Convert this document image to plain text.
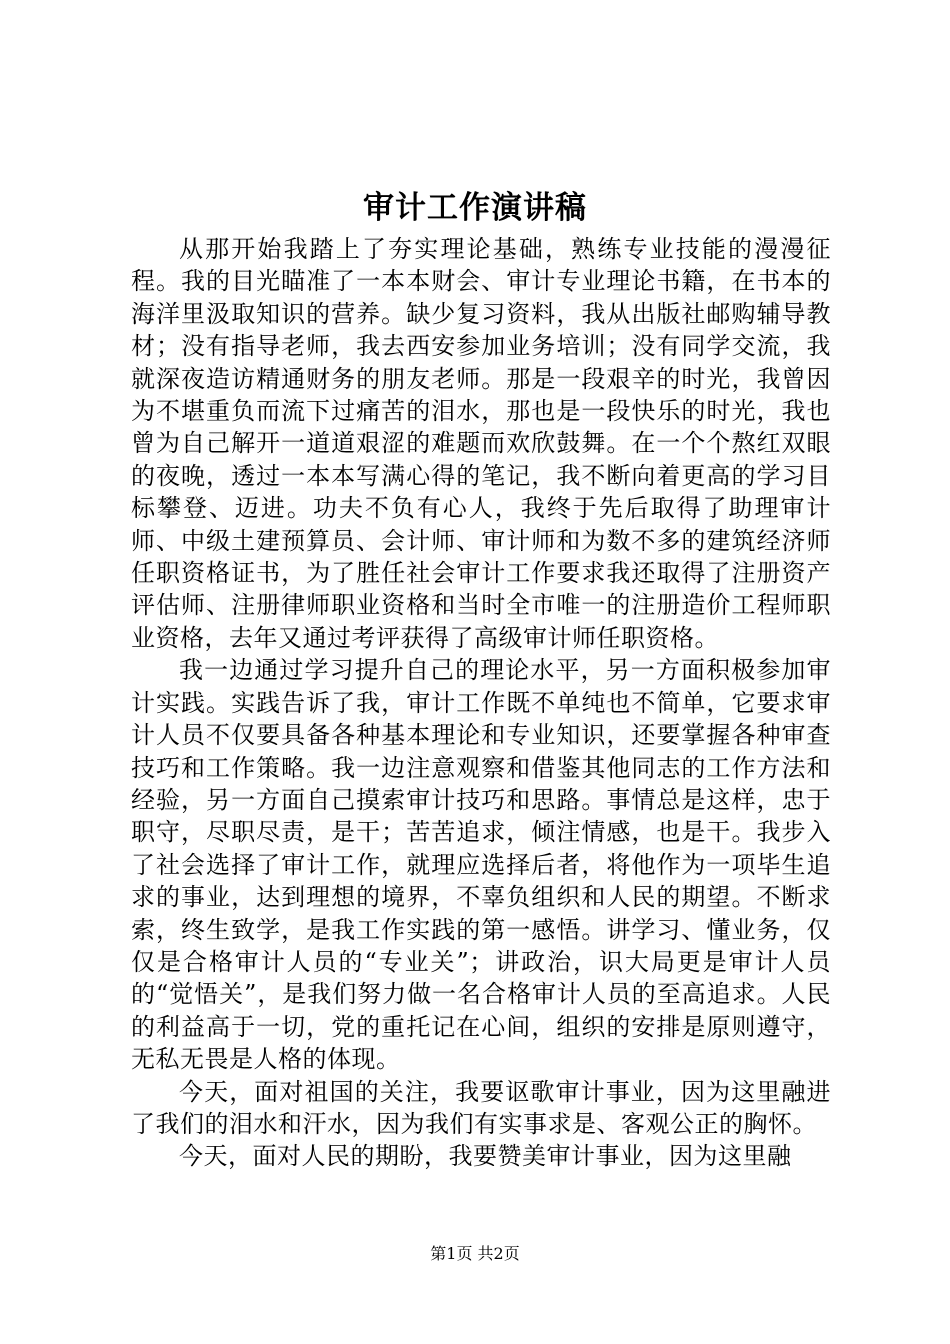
审计工作演讲稿

从那开始我踏上了夯实理论基础，熟练专业技能的漫漫征程。我的目光瞄准了一本本财会、审计专业理论书籍，在书本的海洋里汲取知识的营养。缺少复习资料，我从出版社邮购辅导教材；没有指导老师，我去西安参加业务培训；没有同学交流，我就深夜造访精通财务的朋友老师。那是一段艰辛的时光，我曾因为不堪重负而流下过痛苦的泪水，那也是一段快乐的时光，我也曾为自己解开一道道艰涩的难题而欢欣鼓舞。在一个个熬红双眼的夜晚，透过一本本写满心得的笔记，我不断向着更高的学习目标攀登、迈进。功夫不负有心人，我终于先后取得了助理审计师、中级土建预算员、会计师、审计师和为数不多的建筑经济师任职资格证书，为了胜任社会审计工作要求我还取得了注册资产评估师、注册律师职业资格和当时全市唯一的注册造价工程师职业资格，去年又通过考评获得了高级审计师任职资格。

我一边通过学习提升自己的理论水平，另一方面积极参加审计实践。实践告诉了我，审计工作既不单纯也不简单，它要求审计人员不仅要具备各种基本理论和专业知识，还要掌握各种审查技巧和工作策略。我一边注意观察和借鉴其他同志的工作方法和经验，另一方面自己摸索审计技巧和思路。事情总是这样，忠于职守，尽职尽责，是干；苦苦追求，倾注情感，也是干。我步入了社会选择了审计工作，就理应选择后者，将他作为一项毕生追求的事业，达到理想的境界，不辜负组织和人民的期望。不断求索，终生致学，是我工作实践的第一感悟。讲学习、懂业务，仅仅是合格审计人员的“专业关”；讲政治，识大局更是审计人员的“觉悟关”，是我们努力做一名合格审计人员的至高追求。人民的利益高于一切，党的重托记在心间，组织的安排是原则遵守，无私无畏是人格的体现。

今天，面对祖国的关注，我要讴歌审计事业，因为这里融进了我们的泪水和汗水，因为我们有实事求是、客观公正的胸怀。

今天，面对人民的期盼，我要赞美审计事业，因为这里融

第1页 共2页
